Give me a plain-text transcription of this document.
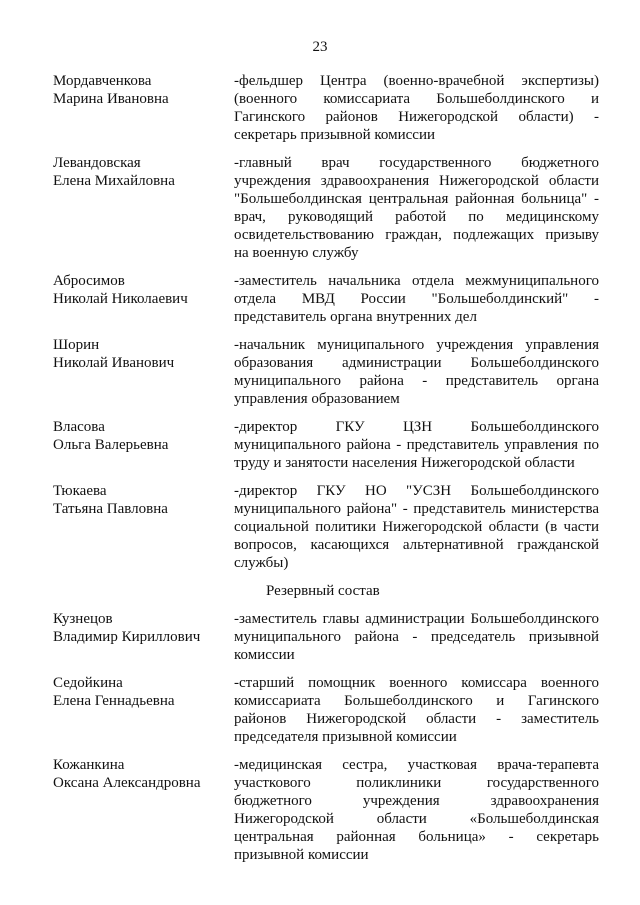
23
Мордавченкова
Марина Ивановна
-фельдшер Центра (военно-врачебной экспертизы)
(военного комиссариата Большеболдинского и
Гагинского районов Нижегородской области) -
секретарь призывной комиссии
Левандовская
Елена Михайловна
-главный врач государственного бюджетного
учреждения здравоохранения Нижегородской области
"Большеболдинская центральная районная больница" -
врач, руководящий работой по медицинскому
освидетельствованию граждан, подлежащих призыву
на военную службу
Абросимов
Николай Николаевич
-заместитель начальника отдела межмуниципального
отдела МВД России "Большеболдинский" -
представитель органа внутренних дел
Шорин
Николай Иванович
-начальник муниципального учреждения управления
образования администрации Большеболдинского
муниципального района - представитель органа
управления образованием
Власова
Ольга Валерьевна
-директор ГКУ ЦЗН Большеболдинского
муниципального района - представитель управления по
труду и занятости населения Нижегородской области
Тюкаева
Татьяна Павловна
-директор ГКУ НО "УСЗН Большеболдинского
муниципального района" - представитель министерства
социальной политики Нижегородской области (в части
вопросов, касающихся альтернативной гражданской
службы)
Резервный состав
Кузнецов
Владимир Кириллович
-заместитель главы администрации Большеболдинского
муниципального района - председатель призывной
комиссии
Седойкина
Елена Геннадьевна
-старший помощник военного комиссара военного
комиссариата Большеболдинского и Гагинского
районов Нижегородской области - заместитель
председателя призывной комиссии
Кожанкина
Оксана Александровна
-медицинская сестра, участковая врача-терапевта
участкового поликлиники государственного
бюджетного учреждения здравоохранения
Нижегородской области «Большеболдинская
центральная районная больница» - секретарь
призывной комиссии
